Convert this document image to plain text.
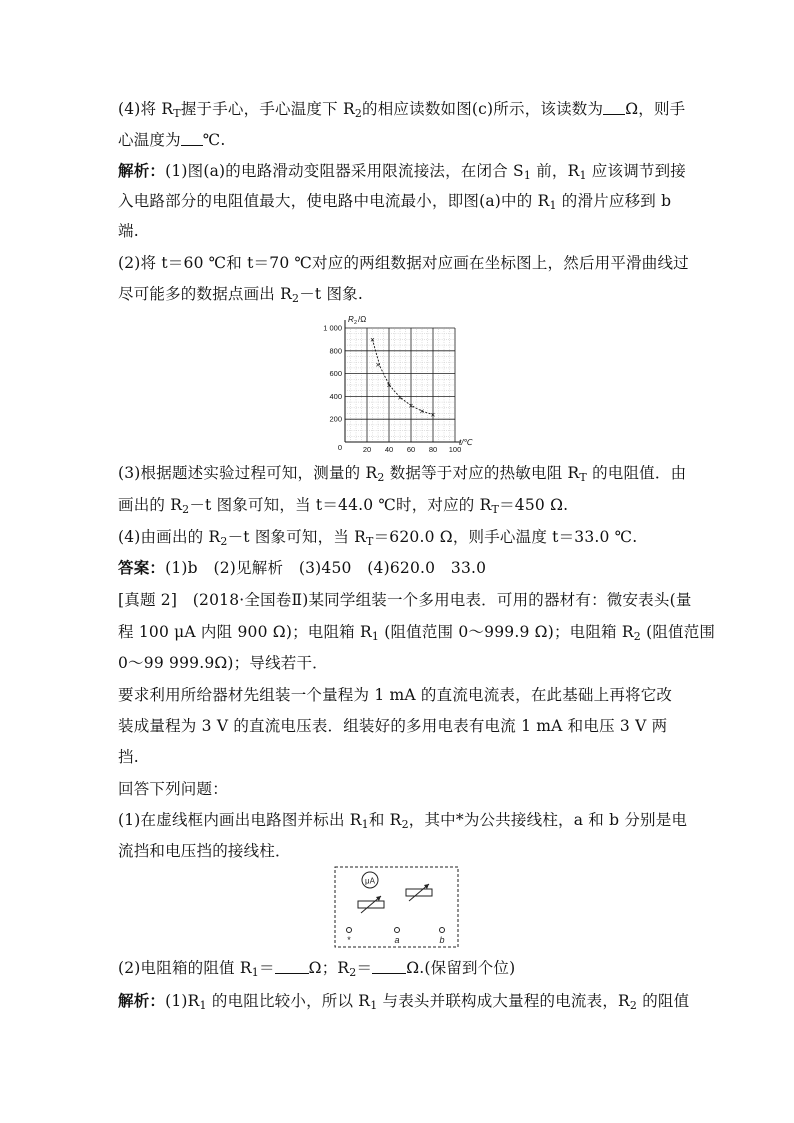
(4)将 $R_T$握于手心，手心温度下 $R_2$的相应读数如图(c)所示，该读数为 Ω，则手
心温度为 ℃.
解析：(1)图(a)的电路滑动变阻器采用限流接法，在闭合 $S_1$ 前，$R_1$ 应该调节到接
入电路部分的电阻值最大，使电路中电流最小，即图(a)中的 $R_1$ 的滑片应移到 b
端.
(2)将 t＝60 ℃和 t＝70 ℃对应的两组数据对应画在坐标图上，然后用平滑曲线过
尽可能多的数据点画出 $R_2-t$ 图象.
20 40 60 80 100
200
400
600
800
1 000
0
R 2 /Ω
t/℃
×
×
×
×
×
× ×
(3)根据题述实验过程可知，测量的 $R_2$ 数据等于对应的热敏电阻 $R_T$ 的电阻值．由
画出的 $R_2-t$ 图象可知，当 t＝44.0 ℃时，对应的 $R_T=450$ Ω.
(4)由画出的 $R_2-t$ 图象可知，当 $R_T=620.0$ Ω，则手心温度 t＝33.0 ℃.
答案：(1)b　(2)见解析　(3)450　(4)620.0　33.0
[真题 2]　(2018·全国卷Ⅱ)某同学组装一个多用电表．可用的器材有：微安表头(量
程 100 μA 内阻 900 Ω)；电阻箱 $R_1$ (阻值范围 0～999.9 Ω)；电阻箱 $R_2$ (阻值范围
0～99 999.9Ω)；导线若干．
要求利用所给器材先组装一个量程为 1 mA 的直流电流表，在此基础上再将它改
装成量程为 3 V 的直流电压表．组装好的多用电表有电流 1 mA 和电压 3 V 两
挡.
回答下列问题：
(1)在虚线框内画出电路图并标出 $R_1$和 $R_2$，其中*为公共接线柱，a 和 b 分别是电
流挡和电压挡的接线柱．
μA
*	a	b
(2)电阻箱的阻值 $R_1= \Omega$；$R_2= \Omega$.(保留到个位)
解析：$(1)R_1$ 的电阻比较小，所以 $R_1$ 与表头并联构成大量程的电流表，$R_2$ 的阻值
